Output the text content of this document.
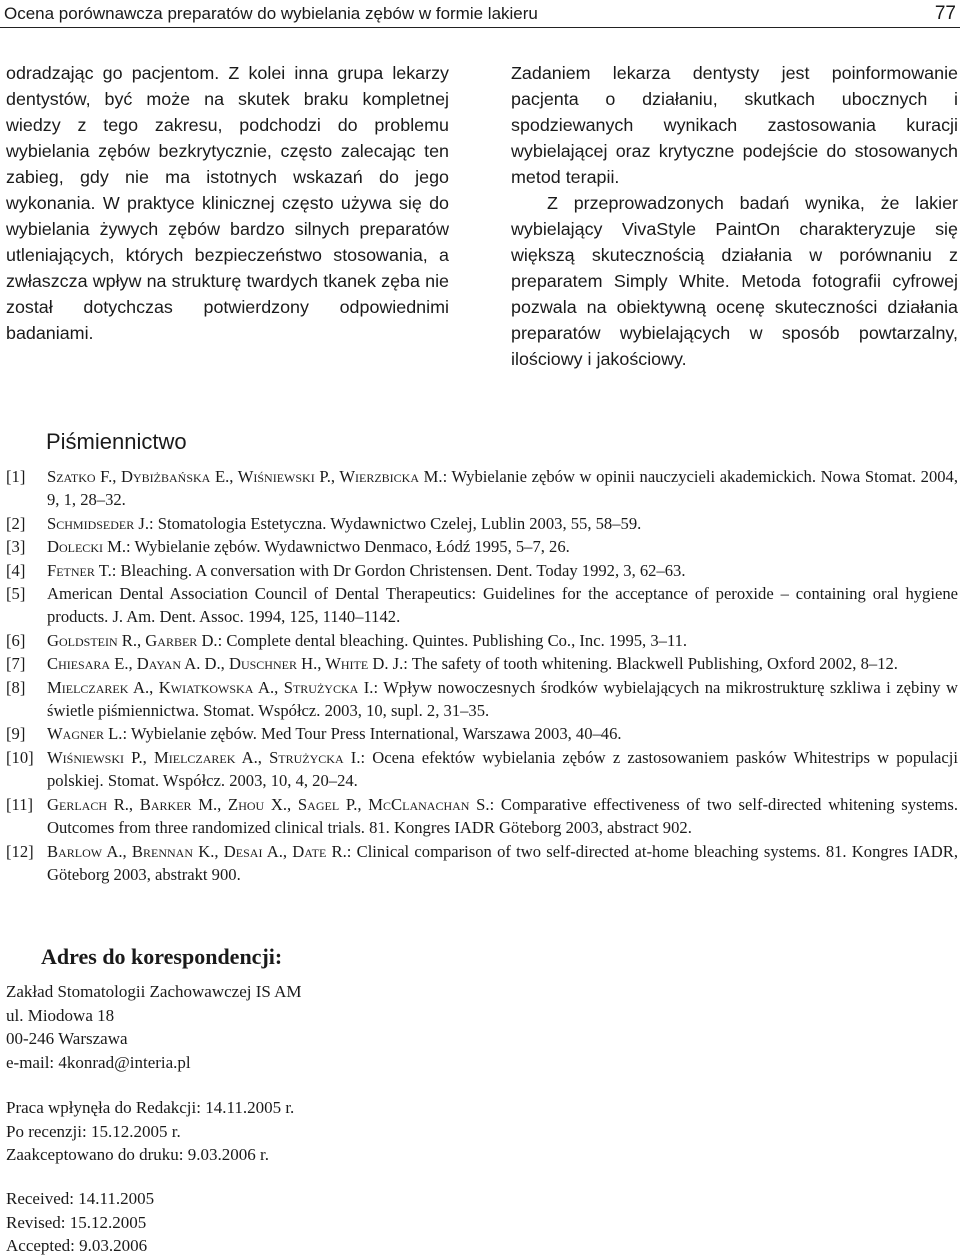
Ocena porównawcza preparatów do wybielania zębów w formie lakieru	77

odradzając go pacjentom. Z kolei inna grupa lekarzy dentystów, być może na skutek braku kompletnej wiedzy z tego zakresu, podchodzi do problemu wybielania zębów bezkrytycznie, często zalecając ten zabieg, gdy nie ma istotnych wskazań do jego wykonania. W praktyce klinicznej często używa się do wybielania żywych zębów bardzo silnych preparatów utleniających, których bezpieczeństwo stosowania, a zwłaszcza wpływ na strukturę twardych tkanek zęba nie został dotychczas potwierdzony odpowiednimi badaniami.

Zadaniem lekarza dentysty jest poinformowanie pacjenta o działaniu, skutkach ubocznych i spodziewanych wynikach zastosowania kuracji wybielającej oraz krytyczne podejście do stosowanych metod terapii.

Z przeprowadzonych badań wynika, że lakier wybielający VivaStyle PaintOn charakteryzuje się większą skutecznością działania w porównaniu z preparatem Simply White. Metoda fotografii cyfrowej pozwala na obiektywną ocenę skuteczności działania preparatów wybielających w sposób powtarzalny, ilościowy i jakościowy.

Piśmiennictwo
[1] Szatko F., Dybiżbańska E., Wiśniewski P., Wierzbicka M.: Wybielanie zębów w opinii nauczycieli akademickich. Nowa Stomat. 2004, 9, 1, 28–32.
[2] Schmidseder J.: Stomatologia Estetyczna. Wydawnictwo Czelej, Lublin 2003, 55, 58–59.
[3] Dolecki M.: Wybielanie zębów. Wydawnictwo Denmaco, Łódź 1995, 5–7, 26.
[4] Fetner T.: Bleaching. A conversation with Dr Gordon Christensen. Dent. Today 1992, 3, 62–63.
[5] American Dental Association Council of Dental Therapeutics: Guidelines for the acceptance of peroxide – containing oral hygiene products. J. Am. Dent. Assoc. 1994, 125, 1140–1142.
[6] Goldstein R., Garber D.: Complete dental bleaching. Quintes. Publishing Co., Inc. 1995, 3–11.
[7] Chiesara E., Dayan A. D., Duschner H., White D. J.: The safety of tooth whitening. Blackwell Publishing, Oxford 2002, 8–12.
[8] Mielczarek A., Kwiatkowska A., Strużycka I.: Wpływ nowoczesnych środków wybielających na mikrostrukturę szkliwa i zębiny w świetle piśmiennictwa. Stomat. Współcz. 2003, 10, supl. 2, 31–35.
[9] Wagner L.: Wybielanie zębów. Med Tour Press International, Warszawa 2003, 40–46.
[10] Wiśniewski P., Mielczarek A., Strużycka I.: Ocena efektów wybielania zębów z zastosowaniem pasków Whitestrips w populacji polskiej. Stomat. Współcz. 2003, 10, 4, 20–24.
[11] Gerlach R., Barker M., Zhou X., Sagel P., McClanachan S.: Comparative effectiveness of two self-directed whitening systems. Outcomes from three randomized clinical trials. 81. Kongres IADR Göteborg 2003, abstract 902.
[12] Barlow A., Brennan K., Desai A., Date R.: Clinical comparison of two self-directed at-home bleaching systems. 81. Kongres IADR, Göteborg 2003, abstrakt 900.
Adres do korespondencji:
Zakład Stomatologii Zachowawczej IS AM
ul. Miodowa 18
00-246 Warszawa
e-mail: 4konrad@interia.pl
Praca wpłynęła do Redakcji: 14.11.2005 r.
Po recenzji: 15.12.2005 r.
Zaakceptowano do druku: 9.03.2006 r.
Received: 14.11.2005
Revised: 15.12.2005
Accepted: 9.03.2006
